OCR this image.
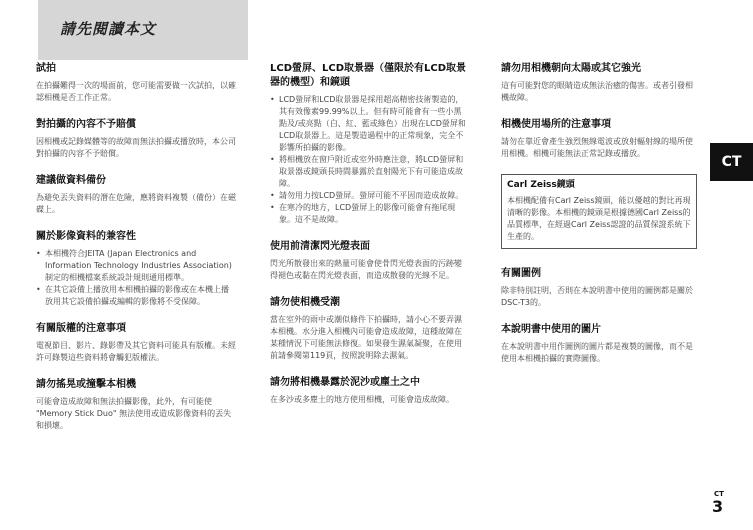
請先閱讀本文
試拍
在拍攝難得一次的場面前，您可能需要做一次試拍，以確認相機是否工作正常。
對拍攝的內容不予賠償
因相機或記錄媒體等的故障而無法拍攝或播放時，本公司對拍攝的內容不予賠償。
建議做資料備份
為避免丟失資料的潛在危險，應將資料複製（備份）在磁碟上。
關於影像資料的兼容性
• 本相機符合JEITA (Japan Electronics and Information Technology Industries Association) 制定的相機檔案系統設計規則通用標準。
• 在其它設備上播放用本相機拍攝的影像或在本機上播放用其它設備拍攝或編輯的影像將不受保障。
有關版權的注意事項
電視節目、影片、錄影帶及其它資料可能具有版權。未經許可錄製這些資料將會觸犯版權法。
請勿搖晃或撞擊本相機
可能會造成故障和無法拍攝影像，此外，有可能使 "Memory Stick Duo" 無法使用或造成影像資料的丟失和損壞。
LCD螢屏、LCD取景器（僅限於有LCD取景器的機型）和鏡頭
• LCD螢屏和LCD取景器是採用超高精密技術製造的，其有效像素99.99%以上。但有時可能會有一些小黑點及/或亮點（白、紅、藍或綠色）出現在LCD螢屏和LCD取景器上。這是製造過程中的正常現象，完全不影響所拍攝的影像。
• 將相機放在窗戶附近或室外時應注意，將LCD螢屏和取景器或鏡頭長時間暴露於直射陽光下有可能造成故障。
• 請勿用力按LCD螢屏。螢屏可能不平因而造成故障。
• 在寒冷的地方，LCD螢屏上的影像可能會有拖尾現象。這不是故障。
使用前清潔閃光燈表面
閃光所散發出來的熱量可能會使骨閃光燈表面的污跡變得褪色或黏在閃光燈表面，而造成散發的光線不足。
請勿使相機受潮
當在室外的雨中或潮似條件下拍攝時，請小心不要弄濕本相機。水分進入相機內可能會造成故障，這種故障在某種情況下可能無法修復。如果發生濕氣凝聚，在使用前請參閱第119頁，按照說明除去濕氣。
請勿將相機暴露於泥沙或塵土之中
在多沙或多塵土的地方使用相機，可能會造成故障。
請勿用相機朝向太陽或其它強光
這有可能對您的眼睛造成無法治癒的傷害。或者引發相機故障。
相機使用場所的注意事項
請勿在靠近會產生強烈無線電波或放射輻射線的場所使用相機。相機可能無法正常記錄或播放。
Carl Zeiss鏡頭
本相機配備有Carl Zeiss鏡頭，能以優越的對比再現清晰的影像。本相機的鏡頭是根據德國Carl Zeiss的品質標準，在經過Carl Zeiss認證的品質保證系統下生產的。
有關圖例
除非特別註明，否則在本說明書中使用的圖例都是關於DSC-T3的。
本說明書中使用的圖片
在本說明書中用作圖例的圖片都是複製的圖像，而不是使用本相機拍攝的實際圖像。
CT
CT
3
